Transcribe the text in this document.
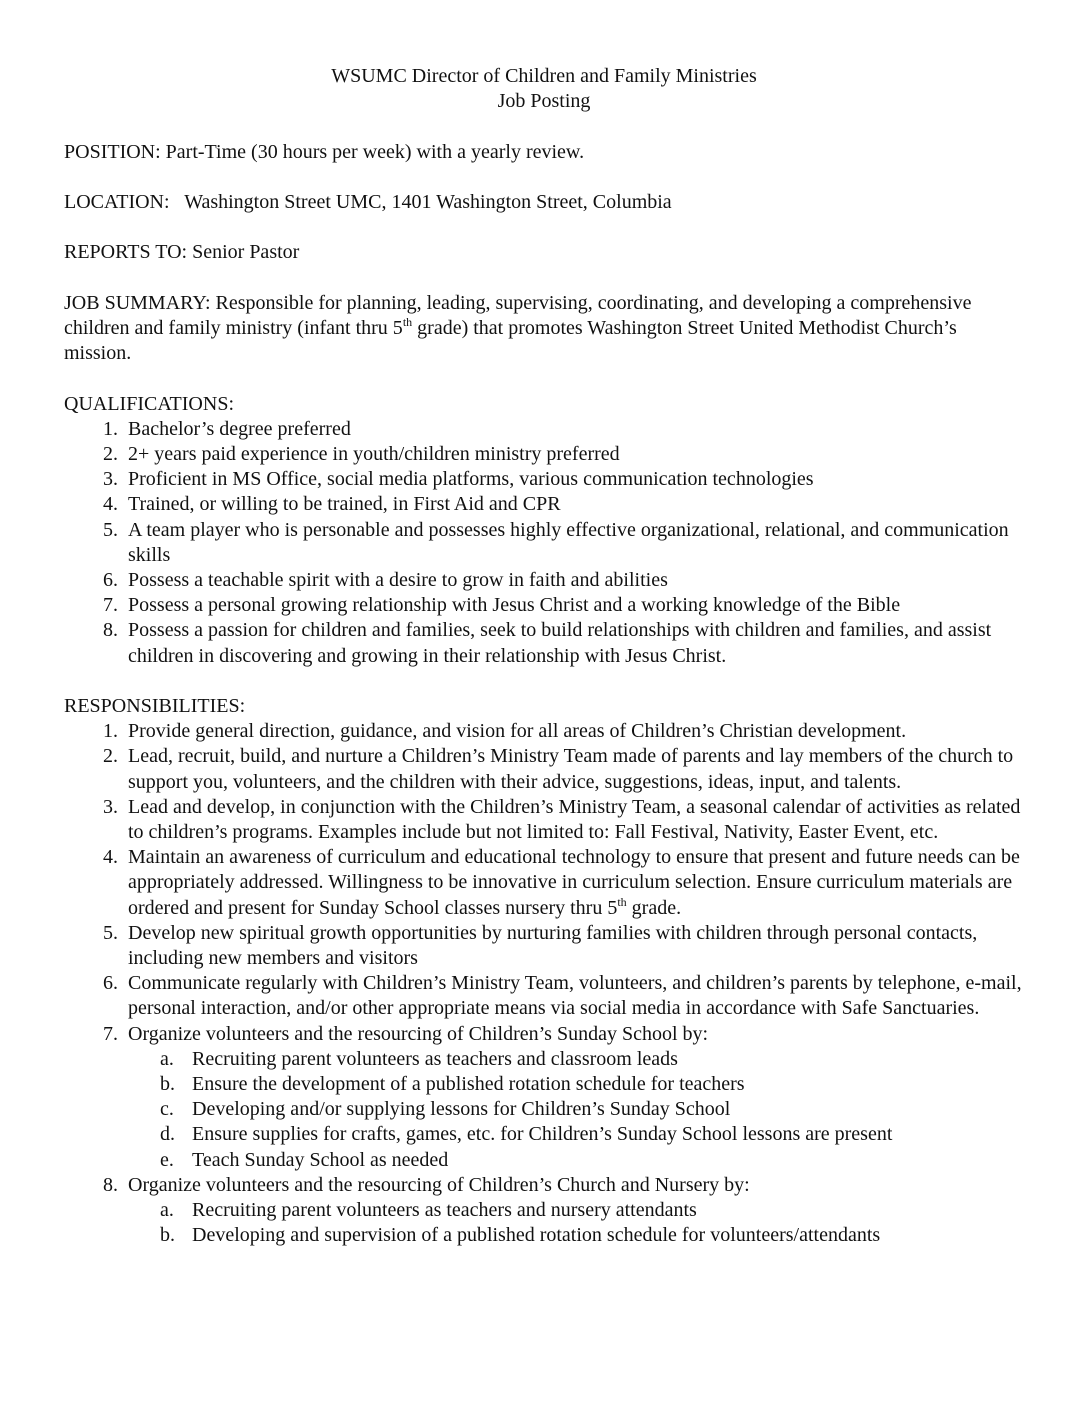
WSUMC Director of Children and Family Ministries
Job Posting

POSITION: Part-Time (30 hours per week) with a yearly review.

LOCATION: Washington Street UMC, 1401 Washington Street, Columbia

REPORTS TO: Senior Pastor

JOB SUMMARY: Responsible for planning, leading, supervising, coordinating, and developing a comprehensive children and family ministry (infant thru 5th grade) that promotes Washington Street United Methodist Church’s mission.

QUALIFICATIONS:

1. Bachelor’s degree preferred
2. 2+ years paid experience in youth/children ministry preferred
3. Proficient in MS Office, social media platforms, various communication technologies
4. Trained, or willing to be trained, in First Aid and CPR
5. A team player who is personable and possesses highly effective organizational, relational, and communication skills
6. Possess a teachable spirit with a desire to grow in faith and abilities
7. Possess a personal growing relationship with Jesus Christ and a working knowledge of the Bible
8. Possess a passion for children and families, seek to build relationships with children and families, and assist children in discovering and growing in their relationship with Jesus Christ.

RESPONSIBILITIES:

1. Provide general direction, guidance, and vision for all areas of Children’s Christian development.
2. Lead, recruit, build, and nurture a Children’s Ministry Team made of parents and lay members of the church to support you, volunteers, and the children with their advice, suggestions, ideas, input, and talents.
3. Lead and develop, in conjunction with the Children’s Ministry Team, a seasonal calendar of activities as related to children’s programs. Examples include but not limited to: Fall Festival, Nativity, Easter Event, etc.
4. Maintain an awareness of curriculum and educational technology to ensure that present and future needs can be appropriately addressed. Willingness to be innovative in curriculum selection. Ensure curriculum materials are ordered and present for Sunday School classes nursery thru 5th grade.
5. Develop new spiritual growth opportunities by nurturing families with children through personal contacts, including new members and visitors
6. Communicate regularly with Children’s Ministry Team, volunteers, and children’s parents by telephone, e-mail, personal interaction, and/or other appropriate means via social media in accordance with Safe Sanctuaries.
7. Organize volunteers and the resourcing of Children’s Sunday School by:
a. Recruiting parent volunteers as teachers and classroom leads
b. Ensure the development of a published rotation schedule for teachers
c. Developing and/or supplying lessons for Children’s Sunday School
d. Ensure supplies for crafts, games, etc. for Children’s Sunday School lessons are present
e. Teach Sunday School as needed
8. Organize volunteers and the resourcing of Children’s Church and Nursery by:
a. Recruiting parent volunteers as teachers and nursery attendants
b. Developing and supervision of a published rotation schedule for volunteers/attendants
